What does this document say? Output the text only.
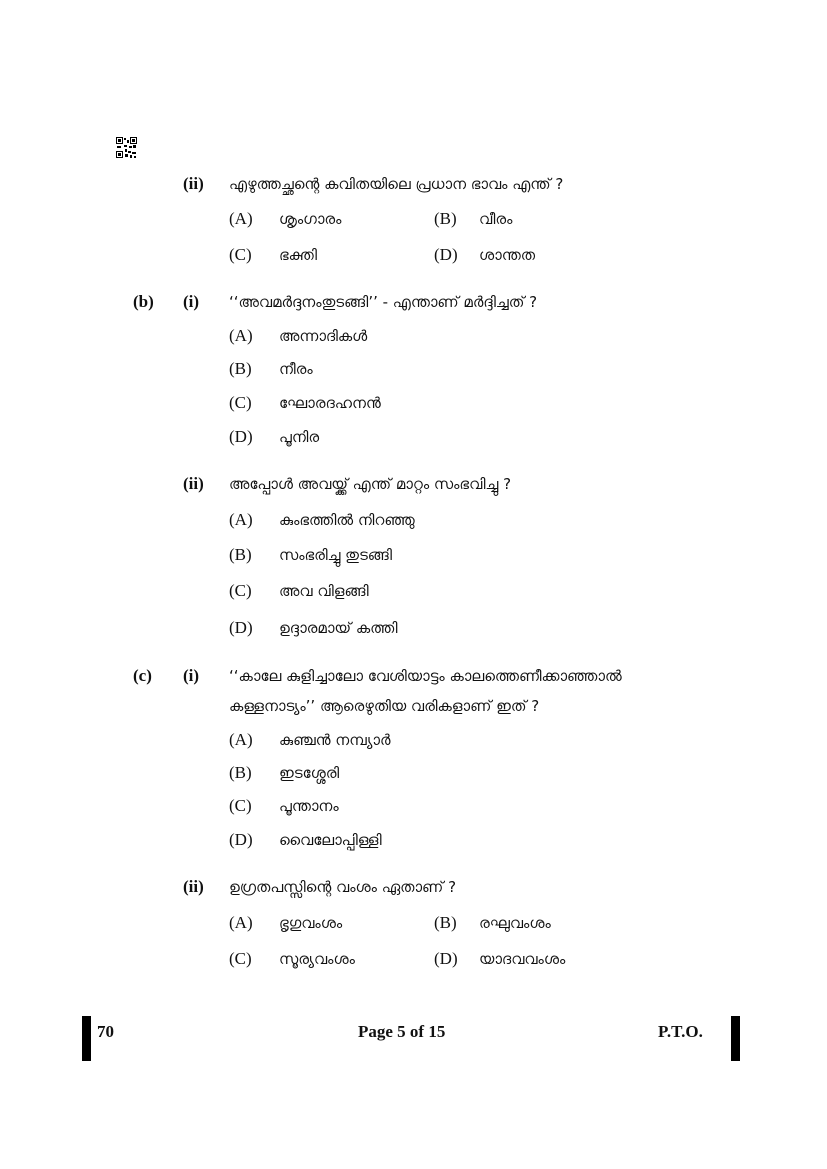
(ii) എഴുത്തച്ഛന്റെ കവിതയിലെ പ്രധാന ഭാവം എന്ത് ?
(A) ശൃംഗാരം	(B) വീരം
(C) ഭക്തി	(D) ശാന്തത
(b) (i) ‘‘അവമർദ്ദനംതുടങ്ങി’’ - എന്താണ് മർദ്ദിച്ചത് ?
(A) അന്നാദികൾ
(B) നീരം
(C) ഘോരദഹനൻ
(D) പൂനിര
(ii) അപ്പോൾ അവയ്ക്ക് എന്ത് മാറ്റം സംഭവിച്ചു ?
(A) കുംഭത്തിൽ നിറഞ്ഞു
(B) സംഭരിച്ചു തുടങ്ങി
(C) അവ വിളങ്ങി
(D) ഉദ്ദാരമായ് കത്തി
(c) (i) ‘‘കാലേ കുളിച്ചാലോ വേശിയാട്ടം കാലത്തെണീക്കാഞ്ഞാൽ
കള്ളനാട്യം’’ ആരെഴുതിയ വരികളാണ് ഇത് ?
(A) കുഞ്ചൻ നമ്പ്യാർ
(B) ഇടശ്ശേരി
(C) പൂന്താനം
(D) വൈലോപ്പിള്ളി
(ii) ഉഗ്രതപസ്സിന്റെ വംശം ഏതാണ് ?
(A) ഭൃഗുവംശം	(B) രഘുവംശം
(C) സൂര്യവംശം	(D) യാദവവംശം
70	Page 5 of 15	P.T.O.
